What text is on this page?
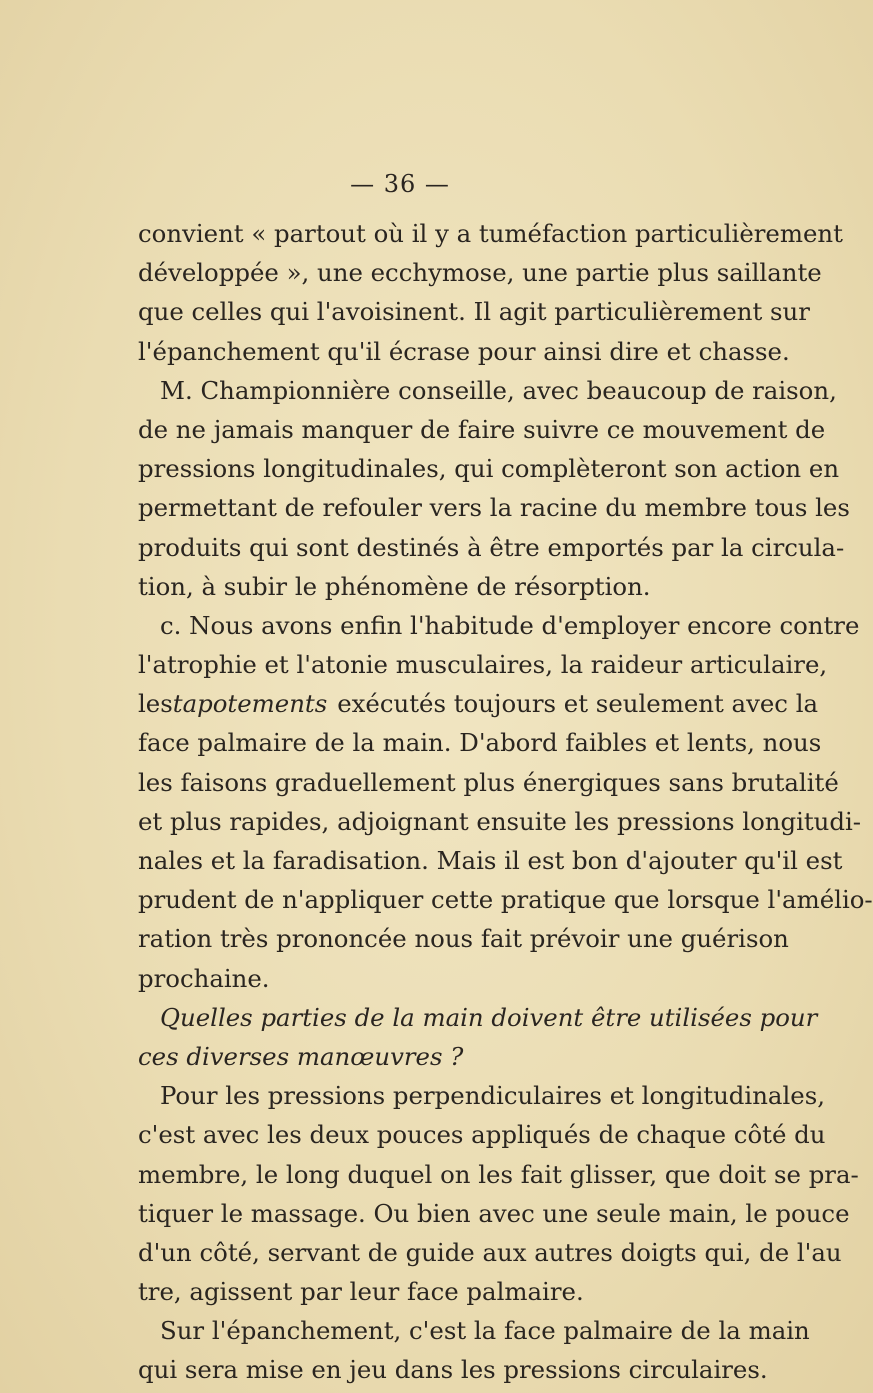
— 36 —
convient « partout où il y a tuméfaction particulièrement
développée », une ecchymose, une partie plus saillante
que celles qui l'avoisinent. Il agit particulièrement sur
l'épanchement qu'il écrase pour ainsi dire et chasse.
M. Championnière conseille, avec beaucoup de raison,
de ne jamais manquer de faire suivre ce mouvement de
pressions longitudinales, qui complèteront son action en
permettant de refouler vers la racine du membre tous les
produits qui sont destinés à être emportés par la circula-
tion, à subir le phénomène de résorption.
c. Nous avons enfin l'habitude d'employer encore contre
l'atrophie et l'atonie musculaires, la raideur articulaire,
les tapotements exécutés toujours et seulement avec la
face palmaire de la main. D'abord faibles et lents, nous
les faisons graduellement plus énergiques sans brutalité
et plus rapides, adjoignant ensuite les pressions longitudi-
nales et la faradisation. Mais il est bon d'ajouter qu'il est
prudent de n'appliquer cette pratique que lorsque l'amélio-
ration très prononcée nous fait prévoir une guérison
prochaine.
Quelles parties de la main doivent être utilisées pour
ces diverses manœuvres ?
Pour les pressions perpendiculaires et longitudinales,
c'est avec les deux pouces appliqués de chaque côté du
membre, le long duquel on les fait glisser, que doit se pra-
tiquer le massage. Ou bien avec une seule main, le pouce
d'un côté, servant de guide aux autres doigts qui, de l'au
tre, agissent par leur face palmaire.
Sur l'épanchement, c'est la face palmaire de la main
qui sera mise en jeu dans les pressions circulaires.
